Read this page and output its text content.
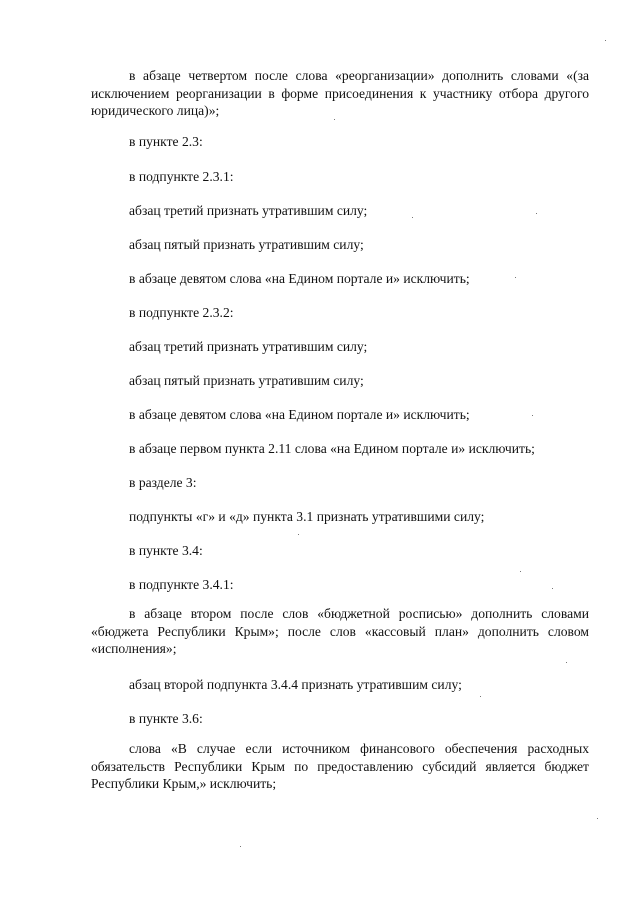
в абзаце четвертом после слова «реорганизации» дополнить словами «(за исключением реорганизации в форме присоединения к участнику отбора другого юридического лица)»;

в пункте 2.3:

в подпункте 2.3.1:

абзац третий признать утратившим силу;

абзац пятый признать утратившим силу;

в абзаце девятом слова «на Едином портале и» исключить;

в подпункте 2.3.2:

абзац третий признать утратившим силу;

абзац пятый признать утратившим силу;

в абзаце девятом слова «на Едином портале и» исключить;

в абзаце первом пункта 2.11 слова «на Едином портале и» исключить;

в разделе 3:

подпункты «г» и «д» пункта 3.1 признать утратившими силу;

в пункте 3.4:

в подпункте 3.4.1:

в абзаце втором после слов «бюджетной росписью» дополнить словами «бюджета Республики Крым»; после слов «кассовый план» дополнить словом «исполнения»;

абзац второй подпункта 3.4.4 признать утратившим силу;

в пункте 3.6:

слова «В случае если источником финансового обеспечения расходных обязательств Республики Крым по предоставлению субсидий является бюджет Республики Крым,» исключить;
